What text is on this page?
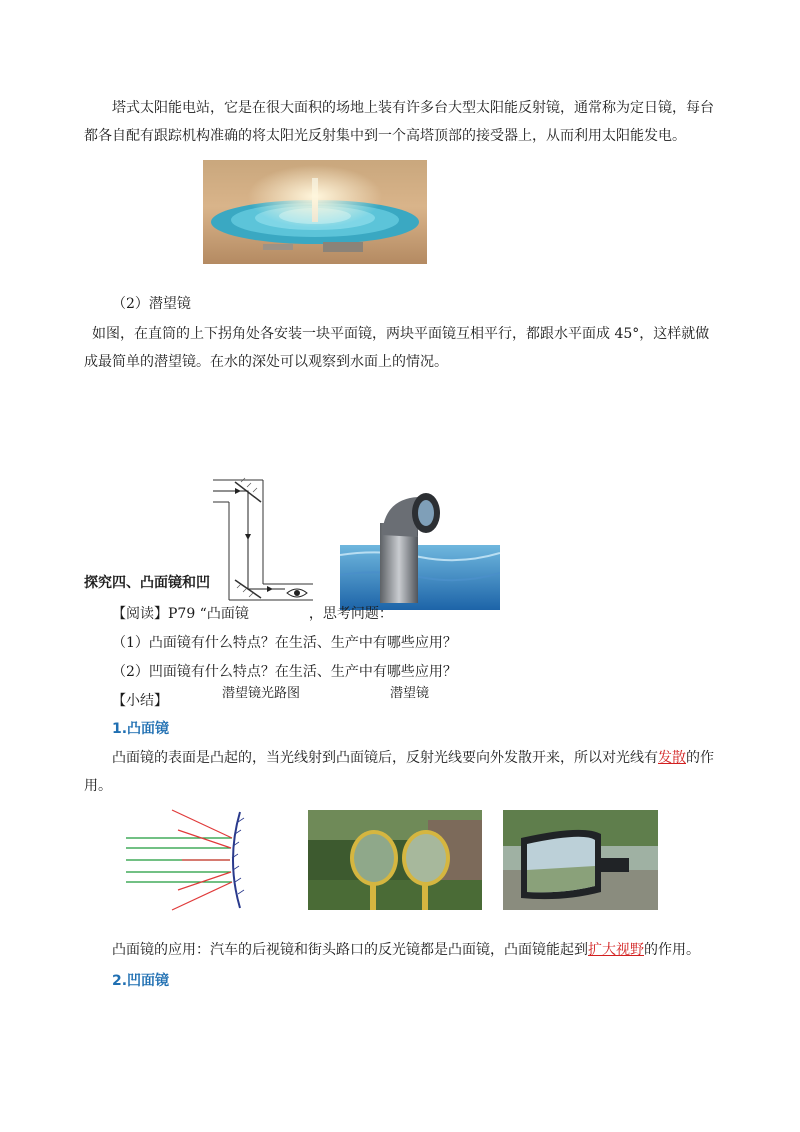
塔式太阳能电站，它是在很大面积的场地上装有许多台大型太阳能反射镜，通常称为定日镜，每台都各自配有跟踪机构准确的将太阳光反射集中到一个高塔顶部的接受器上，从而利用太阳能发电。
（2）潜望镜
如图，在直筒的上下拐角处各安装一块平面镜，两块平面镜互相平行，都跟水平面成 45°，这样就做成最简单的潜望镜。在水的深处可以观察到水面上的情况。
探究四、凸面镜和凹
【阅读】P79 “凸面镜	，思考问题：
（1）凸面镜有什么特点？在生活、生产中有哪些应用？
（2）凹面镜有什么特点？在生活、生产中有哪些应用？
【小结】	潜望镜光路图	潜望镜
1.凸面镜
凸面镜的表面是凸起的，当光线射到凸面镜后，反射光线要向外发散开来，所以对光线有发散的作用。
凸面镜的应用：汽车的后视镜和街头路口的反光镜都是凸面镜，凸面镜能起到扩大视野的作用。
2.凹面镜
